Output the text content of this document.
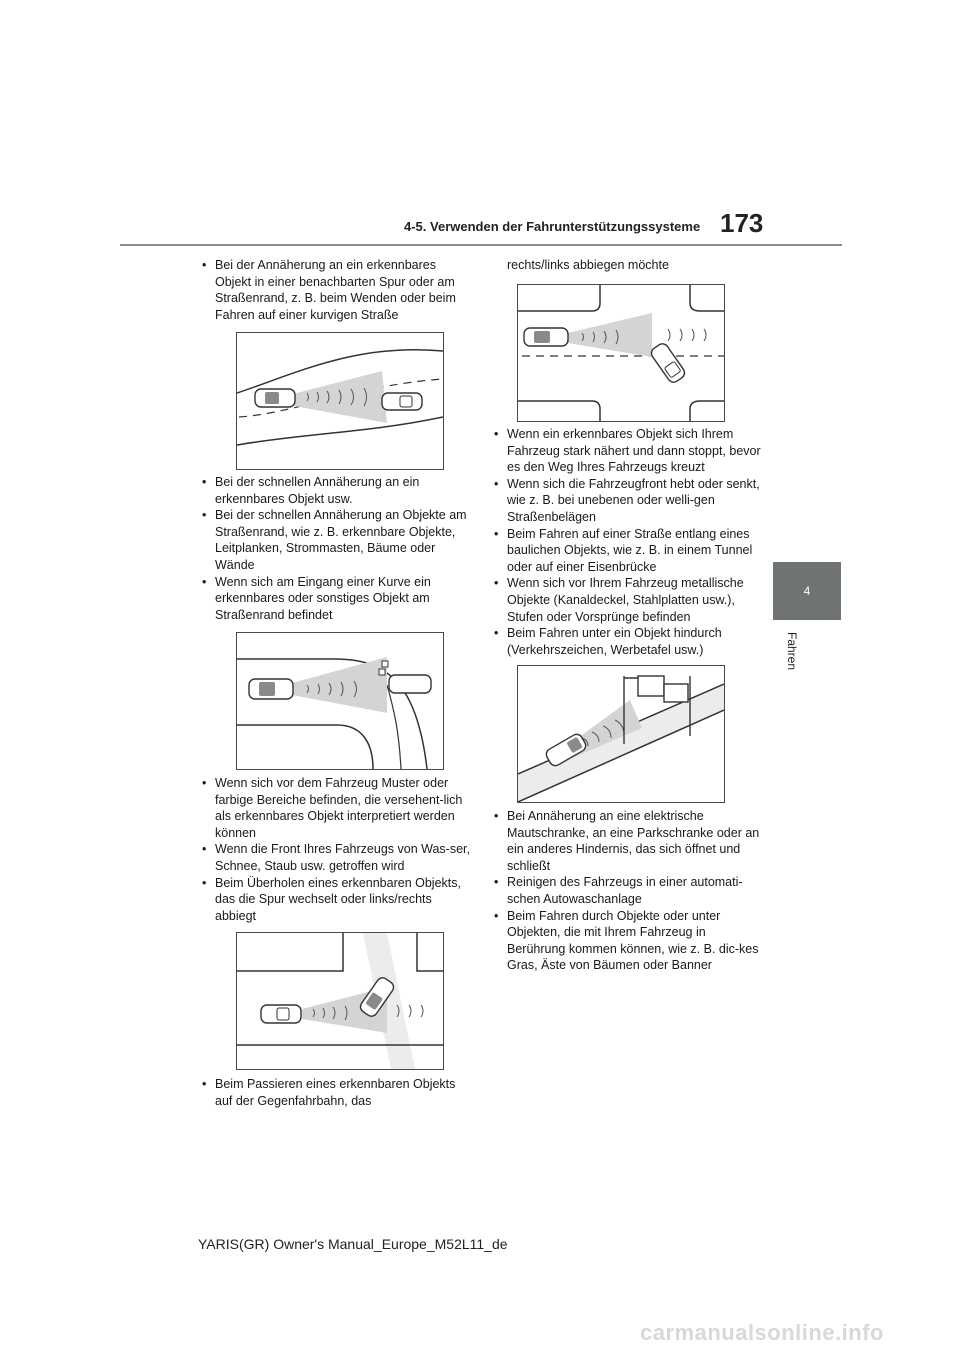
4-5. Verwenden der Fahrunterstützungssysteme 173
4
Fahren
• Bei der Annäherung an ein erkennbares Objekt in einer benachbarten Spur oder am Straßenrand, z. B. beim Wenden oder beim Fahren auf einer kurvigen Straße
• Bei der schnellen Annäherung an ein erkennbares Objekt usw.
• Bei der schnellen Annäherung an Objekte am Straßenrand, wie z. B. erkennbare Objekte, Leitplanken, Strommasten, Bäume oder Wände
• Wenn sich am Eingang einer Kurve ein erkennbares oder sonstiges Objekt am Straßenrand befindet
• Wenn sich vor dem Fahrzeug Muster oder farbige Bereiche befinden, die versehent-lich als erkennbares Objekt interpretiert werden können
• Wenn die Front Ihres Fahrzeugs von Was-ser, Schnee, Staub usw. getroffen wird
• Beim Überholen eines erkennbaren Objekts, das die Spur wechselt oder links/rechts abbiegt
• Beim Passieren eines erkennbaren Objekts auf der Gegenfahrbahn, das
rechts/links abbiegen möchte
• Wenn ein erkennbares Objekt sich Ihrem Fahrzeug stark nähert und dann stoppt, bevor es den Weg Ihres Fahrzeugs kreuzt
• Wenn sich die Fahrzeugfront hebt oder senkt, wie z. B. bei unebenen oder welli-gen Straßenbelägen
• Beim Fahren auf einer Straße entlang eines baulichen Objekts, wie z. B. in einem Tunnel oder auf einer Eisenbrücke
• Wenn sich vor Ihrem Fahrzeug metallische Objekte (Kanaldeckel, Stahlplatten usw.), Stufen oder Vorsprünge befinden
• Beim Fahren unter ein Objekt hindurch (Verkehrszeichen, Werbetafel usw.)
• Bei Annäherung an eine elektrische Mautschranke, an eine Parkschranke oder an ein anderes Hindernis, das sich öffnet und schließt
• Reinigen des Fahrzeugs in einer automati-schen Autowaschanlage
• Beim Fahren durch Objekte oder unter Objekten, die mit Ihrem Fahrzeug in Berührung kommen können, wie z. B. dic-kes Gras, Äste von Bäumen oder Banner
YARIS(GR) Owner's Manual_Europe_M52L11_de
carmanualsonline.info
